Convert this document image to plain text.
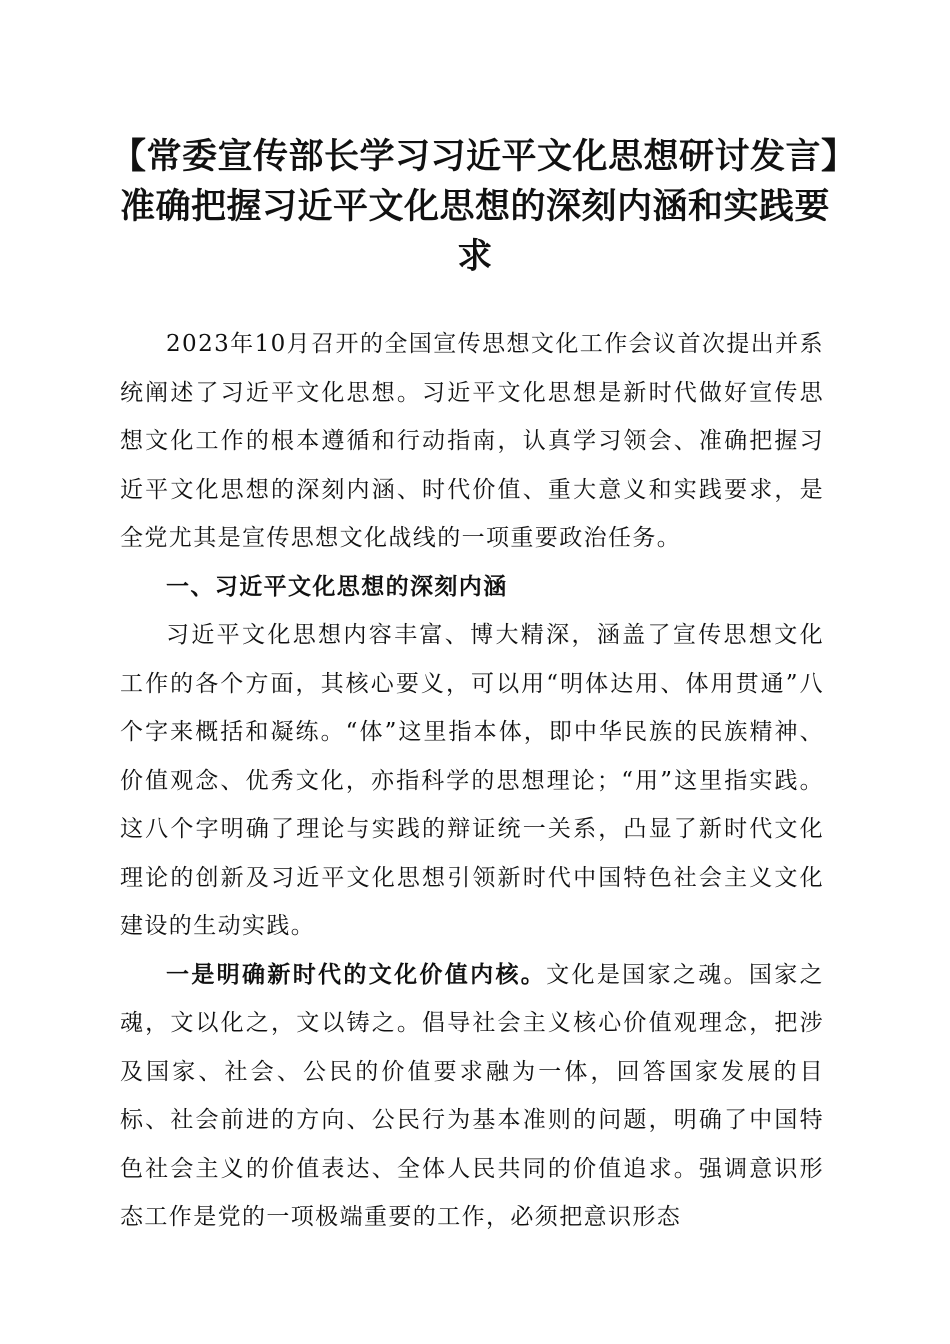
【常委宣传部长学习习近平文化思想研讨发言】准确把握习近平文化思想的深刻内涵和实践要求

2023年10月召开的全国宣传思想文化工作会议首次提出并系统阐述了习近平文化思想。习近平文化思想是新时代做好宣传思想文化工作的根本遵循和行动指南，认真学习领会、准确把握习近平文化思想的深刻内涵、时代价值、重大意义和实践要求，是全党尤其是宣传思想文化战线的一项重要政治任务。

一、习近平文化思想的深刻内涵

习近平文化思想内容丰富、博大精深，涵盖了宣传思想文化工作的各个方面，其核心要义，可以用“明体达用、体用贯通”八个字来概括和凝练。“体”这里指本体，即中华民族的民族精神、价值观念、优秀文化，亦指科学的思想理论；“用”这里指实践。这八个字明确了理论与实践的辩证统一关系，凸显了新时代文化理论的创新及习近平文化思想引领新时代中国特色社会主义文化建设的生动实践。

一是明确新时代的文化价值内核。文化是国家之魂。国家之魂，文以化之，文以铸之。倡导社会主义核心价值观理念，把涉及国家、社会、公民的价值要求融为一体，回答国家发展的目标、社会前进的方向、公民行为基本准则的问题，明确了中国特色社会主义的价值表达、全体人民共同的价值追求。强调意识形态工作是党的一项极端重要的工作，必须把意识形态
